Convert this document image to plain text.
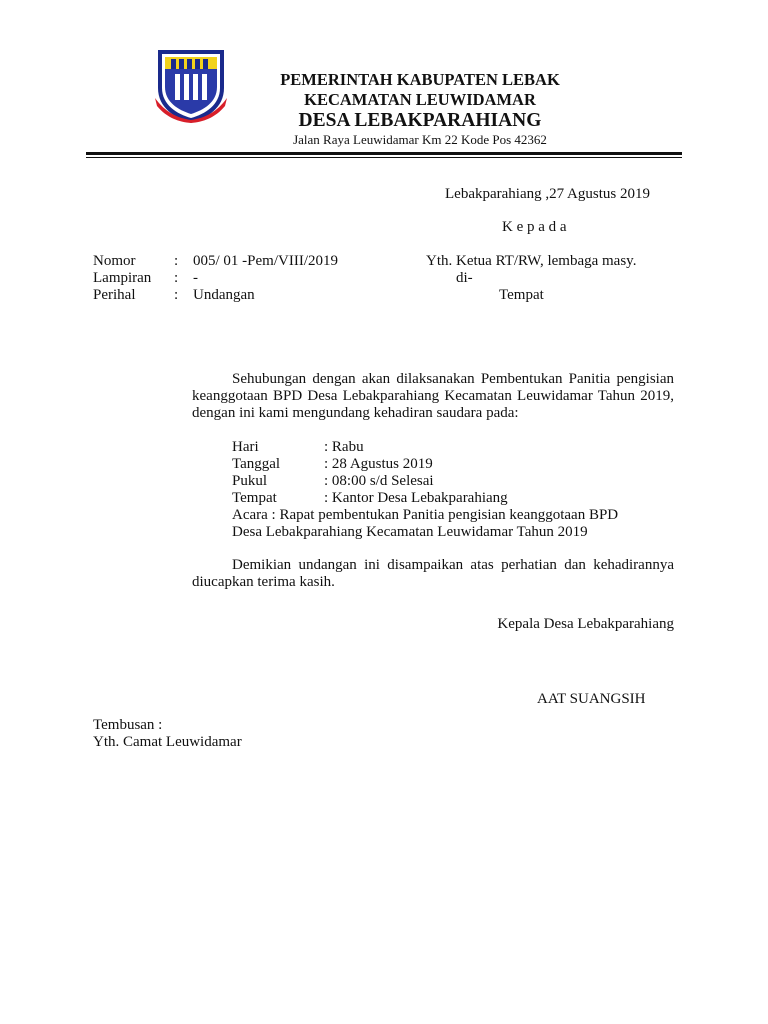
PEMERINTAH KABUPATEN LEBAK
KECAMATAN LEUWIDAMAR
DESA LEBAKPARAHIANG
Jalan Raya Leuwidamar Km 22 Kode Pos 42362
Lebakparahiang ,27 Agustus 2019
K e p a d a
Nomor	: 005/ 01 -Pem/VIII/2019
Lampiran : -
Perihal	: Undangan
Yth. Ketua RT/RW, lembaga masy.
di-
Tempat
Sehubungan dengan akan dilaksanakan Pembentukan Panitia pengisian keanggotaan BPD Desa Lebakparahiang Kecamatan Leuwidamar Tahun 2019, dengan ini kami mengundang kehadiran saudara pada:
Hari	: Rabu
Tanggal	: 28 Agustus 2019
Pukul	: 08:00 s/d Selesai
Tempat	: Kantor Desa Lebakparahiang
Acara : Rapat pembentukan Panitia pengisian keanggotaan BPD
Desa Lebakparahiang Kecamatan Leuwidamar Tahun 2019
Demikian undangan ini disampaikan atas perhatian dan kehadirannya diucapkan terima kasih.
Kepala Desa Lebakparahiang
AAT SUANGSIH
Tembusan :
Yth. Camat Leuwidamar
